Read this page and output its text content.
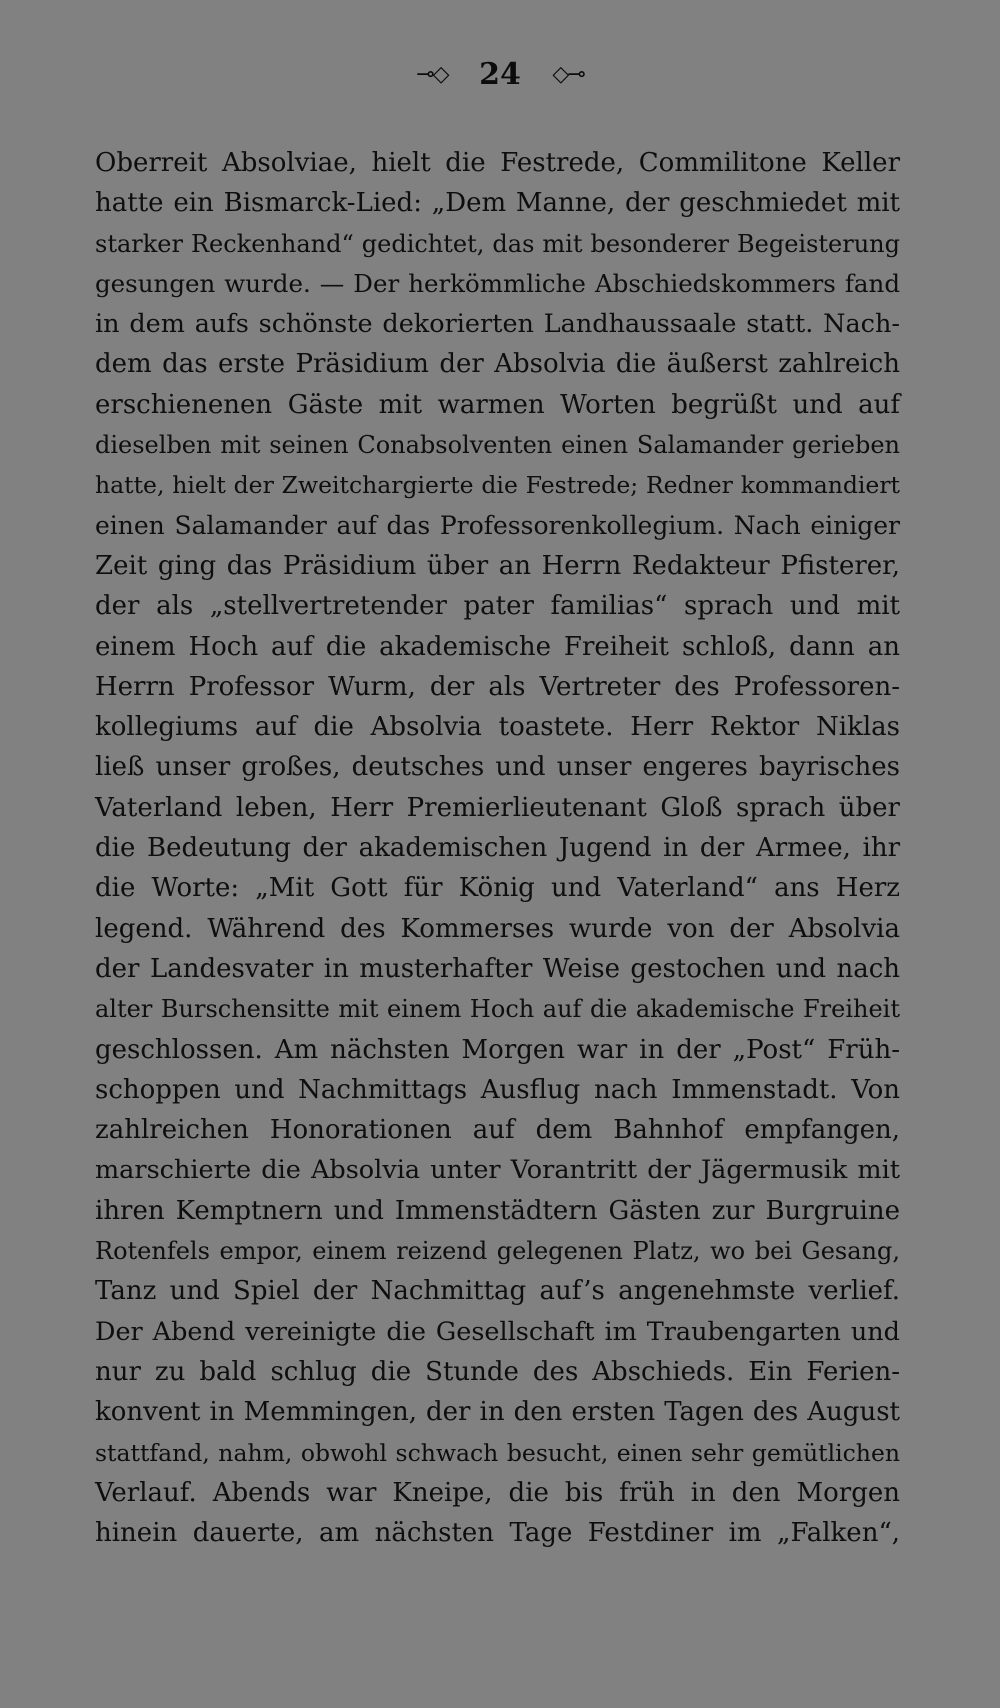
⊸◇ 24 ◇⊸
Oberreit Absolviae, hielt die Festrede, Commilitone Keller
hatte ein Bismarck-Lied: „Dem Manne, der geschmiedet mit
starker Reckenhand“ gedichtet, das mit besonderer Begeisterung
gesungen wurde. — Der herkömmliche Abschiedskommers fand
in dem aufs schönste dekorierten Landhaussaale statt. Nach-
dem das erste Präsidium der Absolvia die äußerst zahlreich
erschienenen Gäste mit warmen Worten begrüßt und auf
dieselben mit seinen Conabsolventen einen Salamander gerieben
hatte, hielt der Zweitchargierte die Festrede; Redner kommandiert
einen Salamander auf das Professorenkollegium. Nach einiger
Zeit ging das Präsidium über an Herrn Redakteur Pfisterer,
der als „stellvertretender pater familias“ sprach und mit
einem Hoch auf die akademische Freiheit schloß, dann an
Herrn Professor Wurm, der als Vertreter des Professoren-
kollegiums auf die Absolvia toastete. Herr Rektor Niklas
ließ unser großes, deutsches und unser engeres bayrisches
Vaterland leben, Herr Premierlieutenant Gloß sprach über
die Bedeutung der akademischen Jugend in der Armee, ihr
die Worte: „Mit Gott für König und Vaterland“ ans Herz
legend. Während des Kommerses wurde von der Absolvia
der Landesvater in musterhafter Weise gestochen und nach
alter Burschensitte mit einem Hoch auf die akademische Freiheit
geschlossen. Am nächsten Morgen war in der „Post“ Früh-
schoppen und Nachmittags Ausflug nach Immenstadt. Von
zahlreichen Honorationen auf dem Bahnhof empfangen,
marschierte die Absolvia unter Vorantritt der Jägermusik mit
ihren Kemptnern und Immenstädtern Gästen zur Burgruine
Rotenfels empor, einem reizend gelegenen Platz, wo bei Gesang,
Tanz und Spiel der Nachmittag auf’s angenehmste verlief.
Der Abend vereinigte die Gesellschaft im Traubengarten und
nur zu bald schlug die Stunde des Abschieds. Ein Ferien-
konvent in Memmingen, der in den ersten Tagen des August
stattfand, nahm, obwohl schwach besucht, einen sehr gemütlichen
Verlauf. Abends war Kneipe, die bis früh in den Morgen
hinein dauerte, am nächsten Tage Festdiner im „Falken“,
